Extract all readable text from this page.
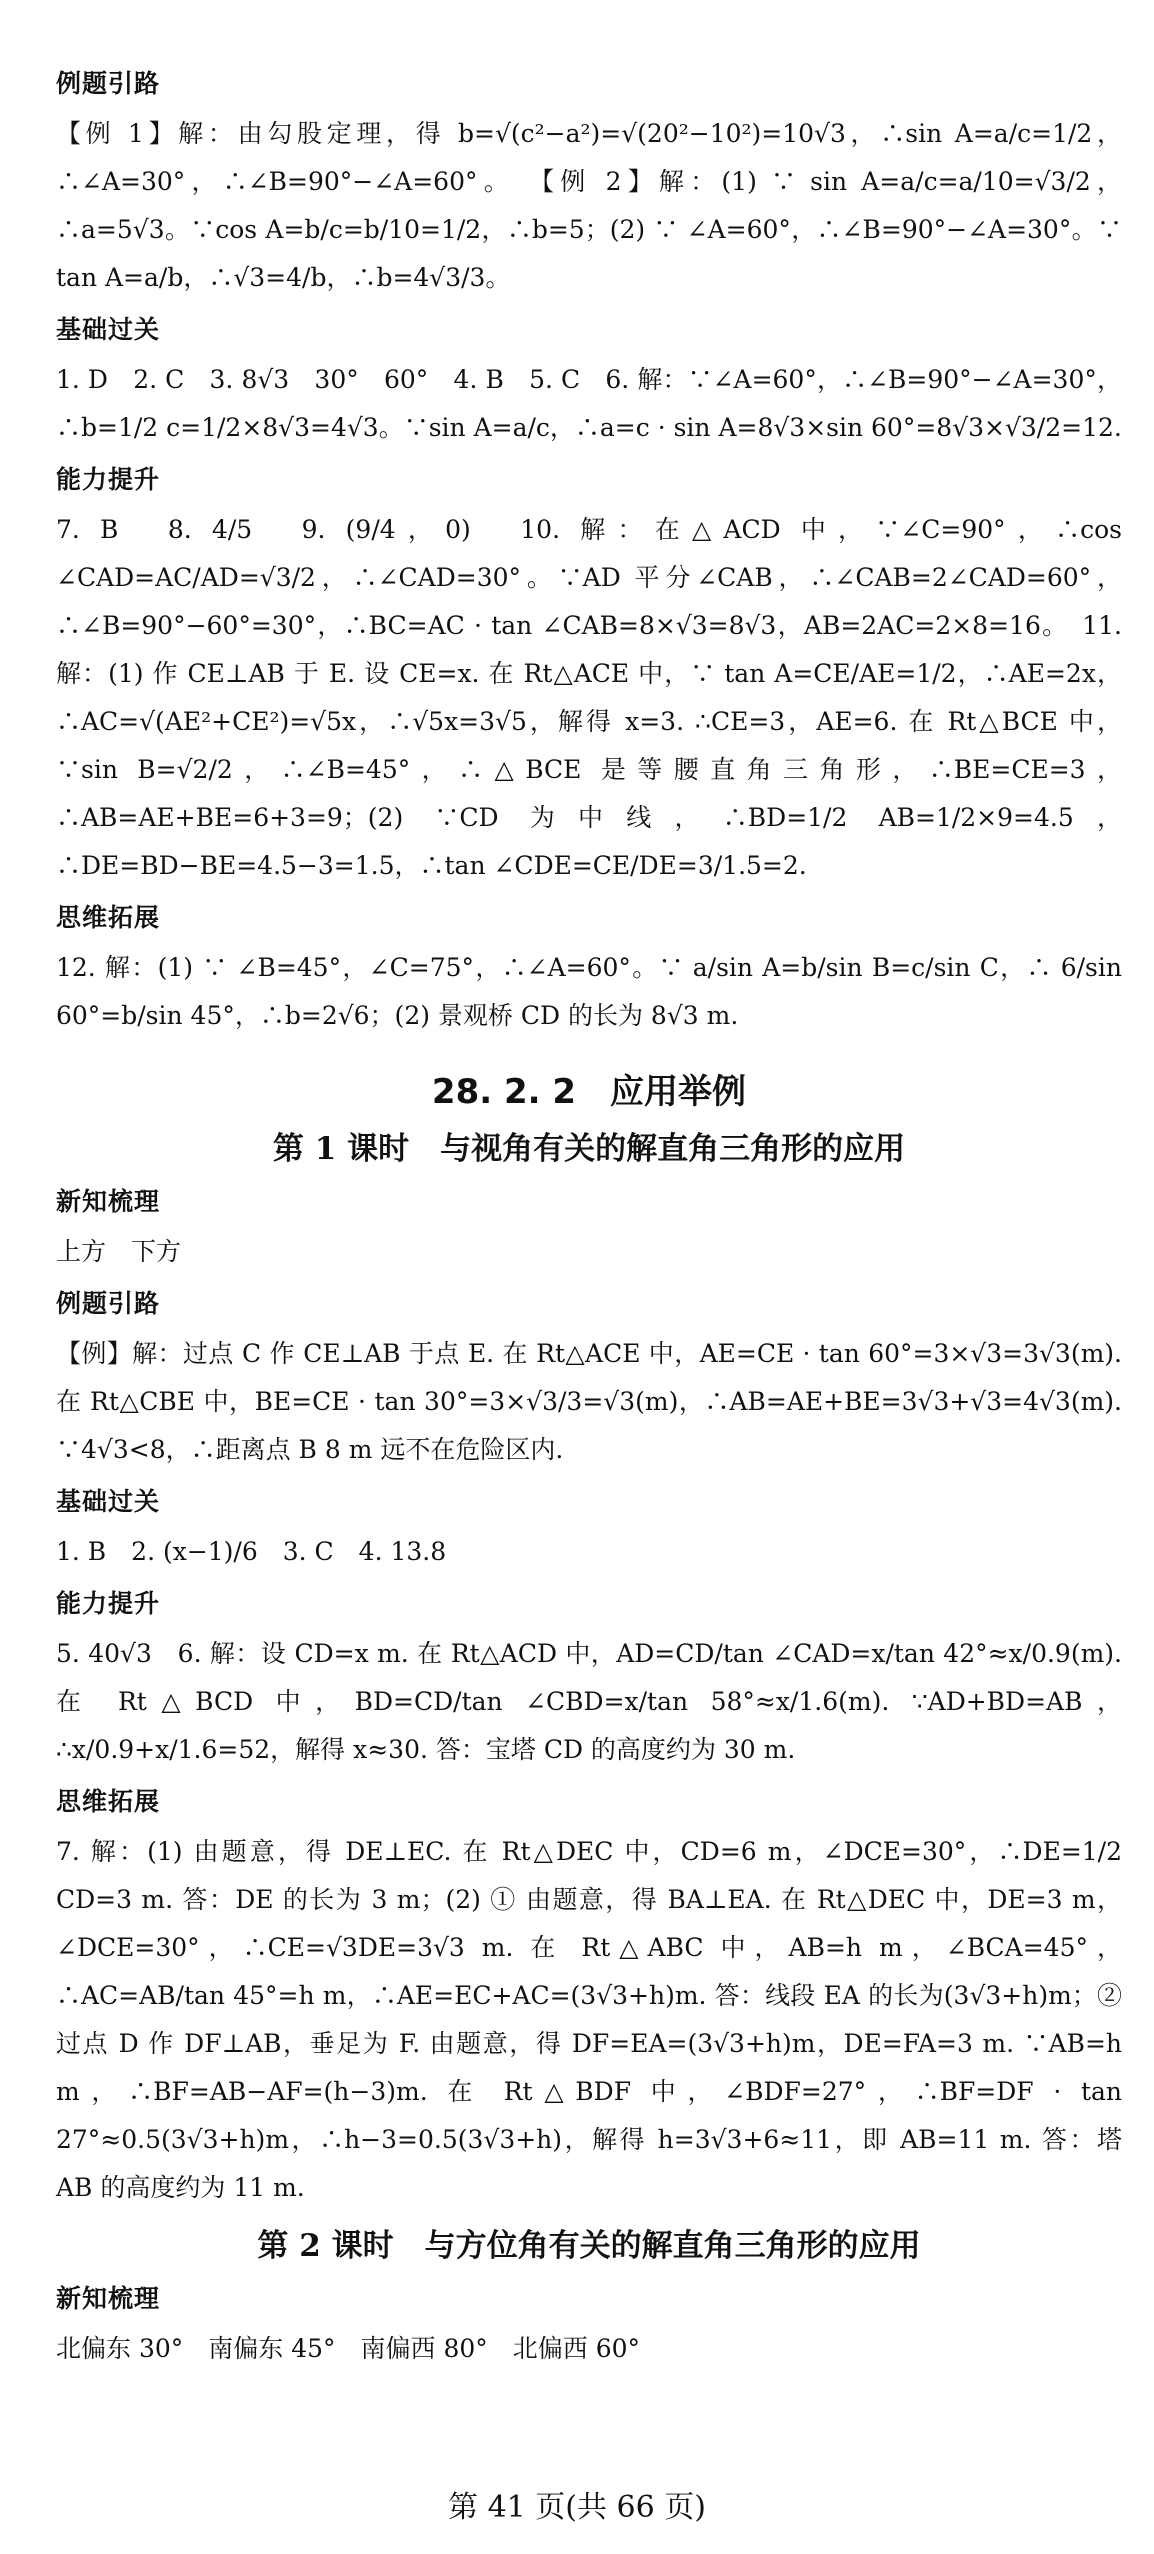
例题引路

【例 1】解：由勾股定理，得 b=√(c²−a²)=√(20²−10²)=10√3，∴sin A=a/c=1/2，∴∠A=30°，∴∠B=90°−∠A=60°。 【例 2】解：(1) ∵ sin A=a/c=a/10=√3/2，∴a=5√3。∵cos A=b/c=b/10=1/2，∴b=5；(2) ∵ ∠A=60°，∴∠B=90°−∠A=30°。∵ tan A=a/b，∴√3=4/b，∴b=4√3/3。

基础过关

1. D　2. C　3. 8√3　30°　60°　4. B　5. C　6. 解：∵∠A=60°，∴∠B=90°−∠A=30°，∴b=1/2 c=1/2×8√3=4√3。∵sin A=a/c，∴a=c · sin A=8√3×sin 60°=8√3×√3/2=12.

能力提升

7. B　8. 4/5　9. (9/4，0)　10. 解：在△ACD 中，∵∠C=90°，∴cos ∠CAD=AC/AD=√3/2，∴∠CAD=30°。∵AD 平分∠CAB，∴∠CAB=2∠CAD=60°，∴∠B=90°−60°=30°，∴BC=AC · tan ∠CAB=8×√3=8√3，AB=2AC=2×8=16。　11. 解：(1) 作 CE⊥AB 于 E. 设 CE=x. 在 Rt△ACE 中，∵ tan A=CE/AE=1/2，∴AE=2x，∴AC=√(AE²+CE²)=√5x，∴√5x=3√5，解得 x=3. ∴CE=3，AE=6. 在 Rt△BCE 中，∵sin B=√2/2，∴∠B=45°，∴△BCE 是等腰直角三角形，∴BE=CE=3，∴AB=AE+BE=6+3=9；(2) ∵CD 为中线，∴BD=1/2 AB=1/2×9=4.5，∴DE=BD−BE=4.5−3=1.5，∴tan ∠CDE=CE/DE=3/1.5=2.

思维拓展

12. 解：(1) ∵ ∠B=45°，∠C=75°，∴∠A=60°。∵ a/sin A=b/sin B=c/sin C，∴ 6/sin 60°=b/sin 45°，∴b=2√6；(2) 景观桥 CD 的长为 8√3 m.

28. 2. 2　应用举例
第 1 课时　与视角有关的解直角三角形的应用
新知梳理

上方　下方

例题引路

【例】解：过点 C 作 CE⊥AB 于点 E. 在 Rt△ACE 中，AE=CE · tan 60°=3×√3=3√3(m). 在 Rt△CBE 中，BE=CE · tan 30°=3×√3/3=√3(m)，∴AB=AE+BE=3√3+√3=4√3(m). ∵4√3<8，∴距离点 B 8 m 远不在危险区内.

基础过关

1. B　2. (x−1)/6　3. C　4. 13.8

能力提升

5. 40√3　6. 解：设 CD=x m. 在 Rt△ACD 中，AD=CD/tan ∠CAD=x/tan 42°≈x/0.9(m). 在 Rt△BCD 中，BD=CD/tan ∠CBD=x/tan 58°≈x/1.6(m). ∵AD+BD=AB，∴x/0.9+x/1.6=52，解得 x≈30. 答：宝塔 CD 的高度约为 30 m.

思维拓展

7. 解：(1) 由题意，得 DE⊥EC. 在 Rt△DEC 中，CD=6 m，∠DCE=30°，∴DE=1/2 CD=3 m. 答：DE 的长为 3 m；(2) ① 由题意，得 BA⊥EA. 在 Rt△DEC 中，DE=3 m，∠DCE=30°，∴CE=√3DE=3√3 m. 在 Rt△ABC 中，AB=h m，∠BCA=45°，∴AC=AB/tan 45°=h m，∴AE=EC+AC=(3√3+h)m. 答：线段 EA 的长为(3√3+h)m；② 过点 D 作 DF⊥AB，垂足为 F. 由题意，得 DF=EA=(3√3+h)m，DE=FA=3 m. ∵AB=h m，∴BF=AB−AF=(h−3)m. 在 Rt△BDF 中，∠BDF=27°，∴BF=DF · tan 27°≈0.5(3√3+h)m，∴h−3=0.5(3√3+h)，解得 h=3√3+6≈11，即 AB=11 m. 答：塔 AB 的高度约为 11 m.

第 2 课时　与方位角有关的解直角三角形的应用
新知梳理

北偏东 30°　南偏东 45°　南偏西 80°　北偏西 60°

第 41 页(共 66 页)
